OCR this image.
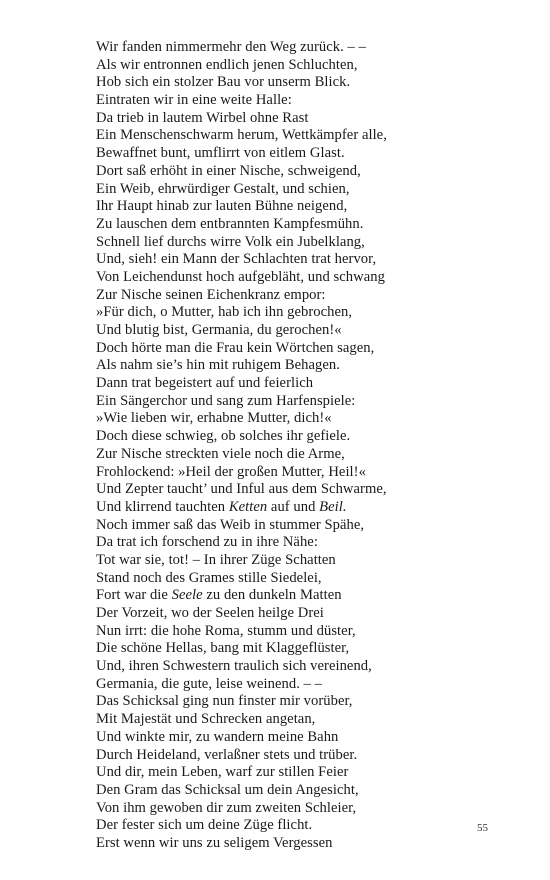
Wir fanden nimmermehr den Weg zurück. – –
Als wir entronnen endlich jenen Schluchten,
Hob sich ein stolzer Bau vor unserm Blick.
Eintraten wir in eine weite Halle:
Da trieb in lautem Wirbel ohne Rast
Ein Menschenschwarm herum, Wettkämpfer alle,
Bewaffnet bunt, umflirrt von eitlem Glast.
Dort saß erhöht in einer Nische, schweigend,
Ein Weib, ehrwürdiger Gestalt, und schien,
Ihr Haupt hinab zur lauten Bühne neigend,
Zu lauschen dem entbrannten Kampfesmühn.
Schnell lief durchs wirre Volk ein Jubelklang,
Und, sieh! ein Mann der Schlachten trat hervor,
Von Leichendunst hoch aufgebläht, und schwang
Zur Nische seinen Eichenkranz empor:
»Für dich, o Mutter, hab ich ihn gebrochen,
Und blutig bist, Germania, du gerochen!«
Doch hörte man die Frau kein Wörtchen sagen,
Als nahm sie’s hin mit ruhigem Behagen.
Dann trat begeistert auf und feierlich
Ein Sängerchor und sang zum Harfenspiele:
»Wie lieben wir, erhabne Mutter, dich!«
Doch diese schwieg, ob solches ihr gefiele.
Zur Nische streckten viele noch die Arme,
Frohlockend: »Heil der großen Mutter, Heil!«
Und Zepter taucht’ und Inful aus dem Schwarme,
Und klirrend tauchten Ketten auf und Beil.
Noch immer saß das Weib in stummer Spähe,
Da trat ich forschend zu in ihre Nähe:
Tot war sie, tot! – In ihrer Züge Schatten
Stand noch des Grames stille Siedelei,
Fort war die Seele zu den dunkeln Matten
Der Vorzeit, wo der Seelen heilge Drei
Nun irrt: die hohe Roma, stumm und düster,
Die schöne Hellas, bang mit Klaggeflüster,
Und, ihren Schwestern traulich sich vereinend,
Germania, die gute, leise weinend. – –
Das Schicksal ging nun finster mir vorüber,
Mit Majestät und Schrecken angetan,
Und winkte mir, zu wandern meine Bahn
Durch Heideland, verlaßner stets und trüber.
Und dir, mein Leben, warf zur stillen Feier
Den Gram das Schicksal um dein Angesicht,
Von ihm gewoben dir zum zweiten Schleier,
Der fester sich um deine Züge flicht.
Erst wenn wir uns zu seligem Vergessen
55
